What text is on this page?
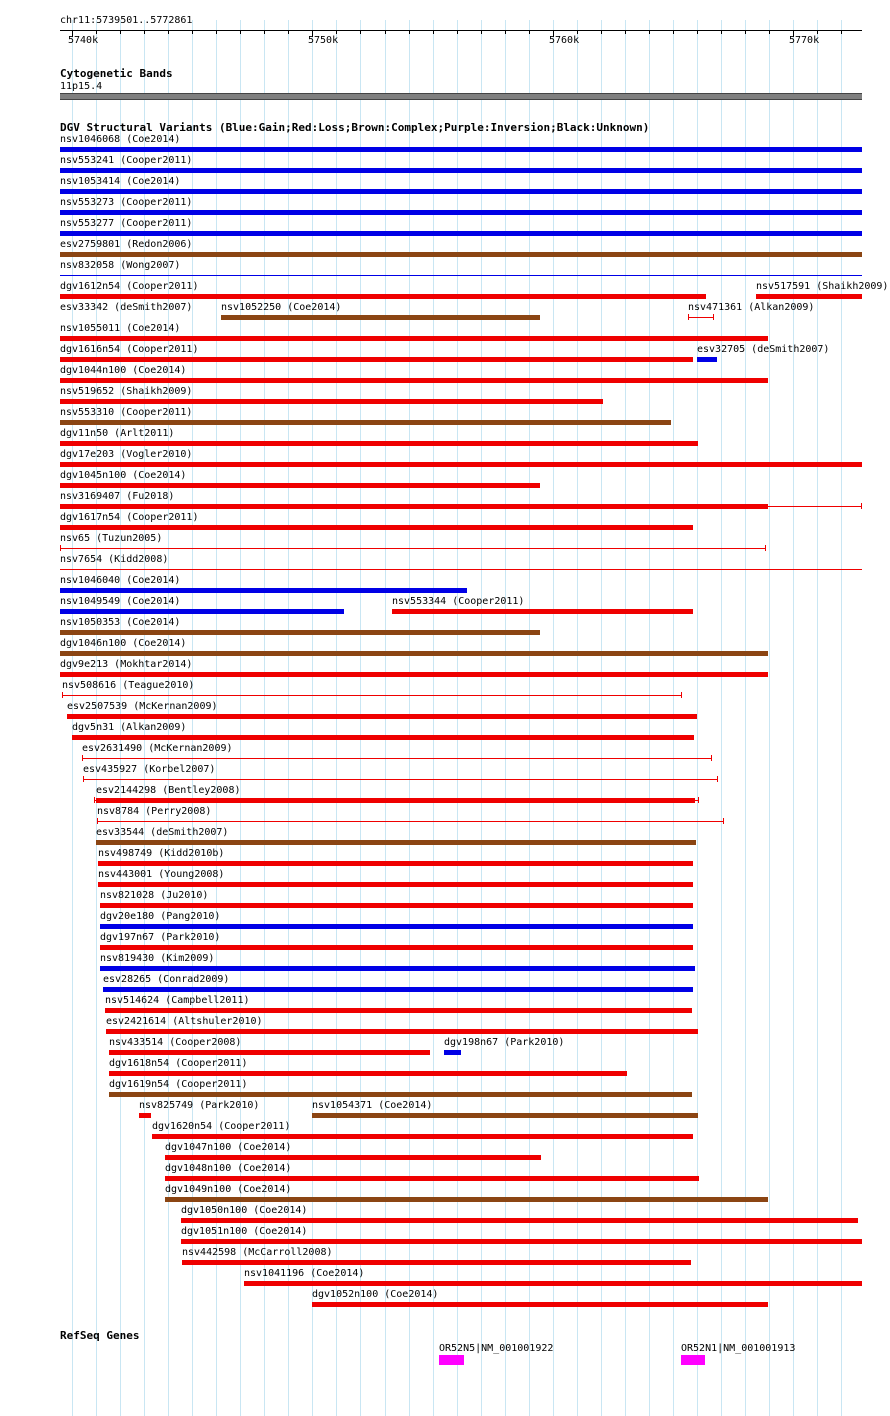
chr11:5739501..5772861
5740k	5750k	5760k	5770k
Cytogenetic Bands
11p15.4
DGV Structural Variants (Blue:Gain;Red:Loss;Brown:Complex;Purple:Inversion;Black:Unknown)
nsv1046068 (Coe2014)
nsv553241 (Cooper2011)
nsv1053414 (Coe2014)
nsv553273 (Cooper2011)
nsv553277 (Cooper2011)
esv2759801 (Redon2006)
nsv832058 (Wong2007)
dgv1612n54 (Cooper2011)	nsv517591 (Shaikh2009)
esv33342 (deSmith2007)	nsv1052250 (Coe2014)	nsv471361 (Alkan2009)
nsv1055011 (Coe2014)
dgv1616n54 (Cooper2011)	esv32705 (deSmith2007)
dgv1044n100 (Coe2014)
nsv519652 (Shaikh2009)
nsv553310 (Cooper2011)
dgv11n50 (Arlt2011)
dgv17e203 (Vogler2010)
dgv1045n100 (Coe2014)
nsv3169407 (Fu2018)
dgv1617n54 (Cooper2011)
nsv65 (Tuzun2005)
nsv7654 (Kidd2008)
nsv1046040 (Coe2014)
nsv1049549 (Coe2014)	nsv553344 (Cooper2011)
nsv1050353 (Coe2014)
dgv1046n100 (Coe2014)
dgv9e213 (Mokhtar2014)
nsv508616 (Teague2010)
esv2507539 (McKernan2009)
dgv5n31 (Alkan2009)
esv2631490 (McKernan2009)
esv435927 (Korbel2007)
esv2144298 (Bentley2008)
nsv8784 (Perry2008)
esv33544 (deSmith2007)
nsv498749 (Kidd2010b)
nsv443001 (Young2008)
nsv821028 (Ju2010)
dgv20e180 (Pang2010)
dgv197n67 (Park2010)
nsv819430 (Kim2009)
esv28265 (Conrad2009)
nsv514624 (Campbell2011)
esv2421614 (Altshuler2010)
nsv433514 (Cooper2008)	dgv198n67 (Park2010)
dgv1618n54 (Cooper2011)
dgv1619n54 (Cooper2011)
nsv825749 (Park2010)	nsv1054371 (Coe2014)
dgv1620n54 (Cooper2011)
dgv1047n100 (Coe2014)
dgv1048n100 (Coe2014)
dgv1049n100 (Coe2014)
dgv1050n100 (Coe2014)
dgv1051n100 (Coe2014)
nsv442598 (McCarroll2008)
nsv1041196 (Coe2014)
dgv1052n100 (Coe2014)
RefSeq Genes
OR52N5|NM_001001922	OR52N1|NM_001001913
